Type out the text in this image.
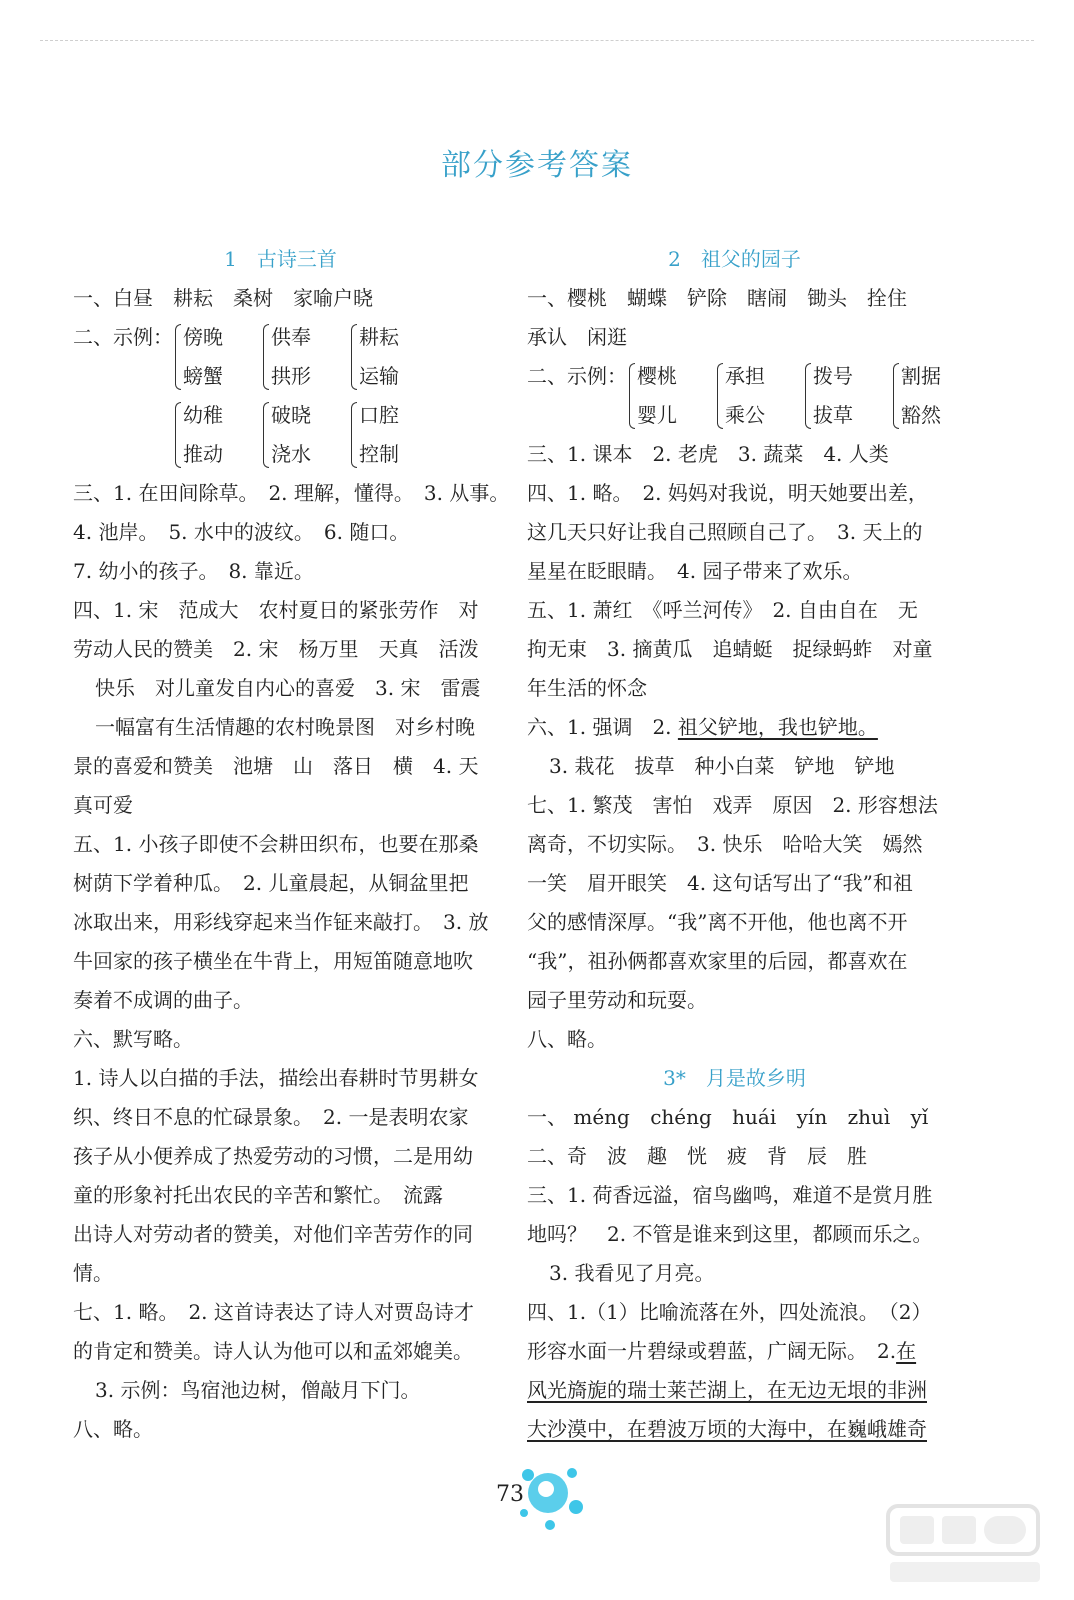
部分参考答案
1　古诗三首
一、白昼　耕耘　桑树　家喻户晓
二、示例： 傍晚
螃蟹
供奉
拱形
耕耘
运输
幼稚
推动
破晓
浇水
口腔
控制
三、1. 在田间除草。　2. 理解，懂得。　3. 从事。
4. 池岸。　5. 水中的波纹。　6. 随口。
7. 幼小的孩子。　8. 靠近。
四、1. 宋　范成大　农村夏日的紧张劳作　对
劳动人民的赞美　2. 宋　杨万里　天真　活泼
快乐　对儿童发自内心的喜爱　3. 宋　雷震
一幅富有生活情趣的农村晚景图　对乡村晚
景的喜爱和赞美　池塘　山　落日　横　4. 天
真可爱
五、1. 小孩子即使不会耕田织布，也要在那桑
树荫下学着种瓜。　2. 儿童晨起，从铜盆里把
冰取出来，用彩线穿起来当作钲来敲打。　3. 放
牛回家的孩子横坐在牛背上，用短笛随意地吹
奏着不成调的曲子。
六、默写略。
1. 诗人以白描的手法，描绘出春耕时节男耕女
织、终日不息的忙碌景象。　2. 一是表明农家
孩子从小便养成了热爱劳动的习惯，二是用幼
童的形象衬托出农民的辛苦和繁忙。　流露
出诗人对劳动者的赞美，对他们辛苦劳作的同
情。
七、1. 略。　2. 这首诗表达了诗人对贾岛诗才
的肯定和赞美。诗人认为他可以和孟郊媲美。
3. 示例：鸟宿池边树，僧敲月下门。
八、略。
2　祖父的园子
一、樱桃　蝴蝶　铲除　瞎闹　锄头　拴住
承认　闲逛
二、示例： 樱桃
婴儿
承担
乘公
拨号
拔草
割据
豁然
三、1. 课本　2. 老虎　3. 蔬菜　4. 人类
四、1. 略。　2. 妈妈对我说，明天她要出差，
这几天只好让我自己照顾自己了。　3. 天上的
星星在眨眼睛。　4. 园子带来了欢乐。
五、1. 萧红　《呼兰河传》　2. 自由自在　无
拘无束　3. 摘黄瓜　追蜻蜓　捉绿蚂蚱　对童
年生活的怀念
六、1. 强调　2. 祖父铲地，我也铲地。
3. 栽花　拔草　种小白菜　铲地　铲地
七、1. 繁茂　害怕　戏弄　原因　2. 形容想法
离奇，不切实际。　3. 快乐　哈哈大笑　嫣然
一笑　眉开眼笑　4. 这句话写出了“我”和祖
父的感情深厚。“我”离不开他，他也离不开
“我”，祖孙俩都喜欢家里的后园，都喜欢在
园子里劳动和玩耍。
八、略。
3*　月是故乡明
一、 méng chéng huái yín zhuì yǐ
二、奇　波　趣　恍　疲　背　辰　胜
三、1. 荷香远溢，宿鸟幽鸣，难道不是赏月胜
地吗？　2. 不管是谁来到这里，都顾而乐之。
3. 我看见了月亮。
四、1.（1）比喻流落在外，四处流浪。　（2）
形容水面一片碧绿或碧蓝，广阔无际。　2.在
风光旖旎的瑞士莱芒湖上，在无边无垠的非洲
大沙漠中，在碧波万顷的大海中，在巍峨雄奇
73
